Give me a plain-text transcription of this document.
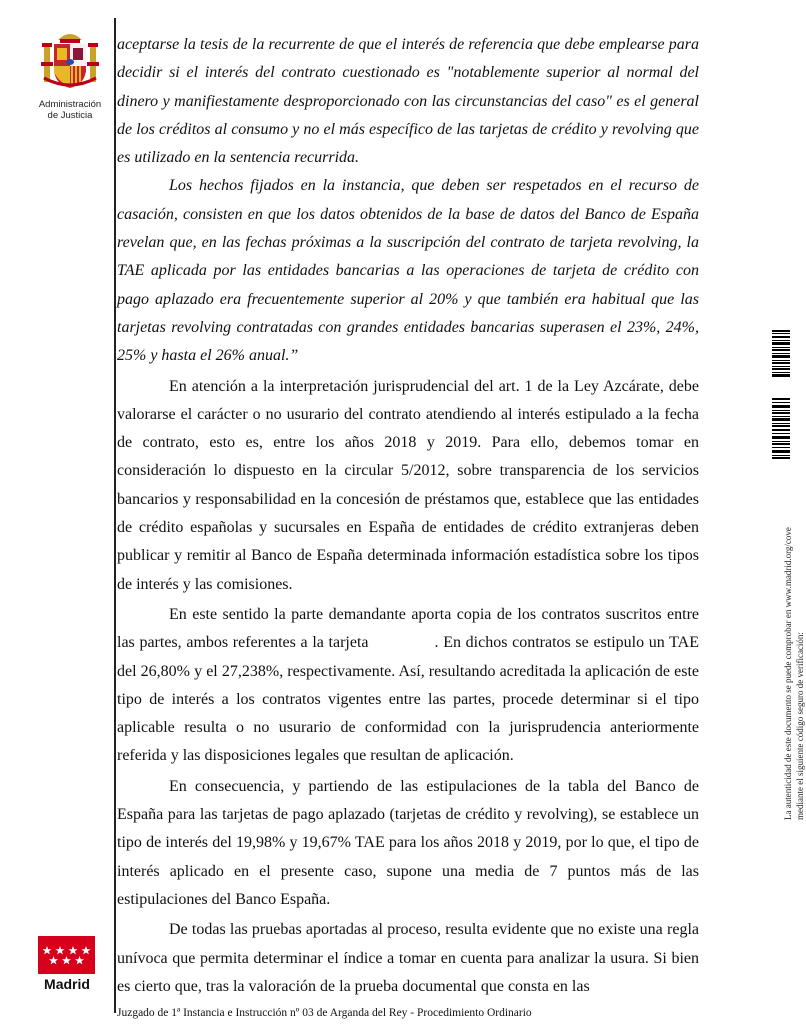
Administración
de Justicia

aceptarse la tesis de la recurrente de que el interés de referencia que debe emplearse para decidir si el interés del contrato cuestionado es "notablemente superior al normal del dinero y manifiestamente desproporcionado con las circunstancias del caso" es el general de los créditos al consumo y no el más específico de las tarjetas de crédito y revolving que es utilizado en la sentencia recurrida.

Los hechos fijados en la instancia, que deben ser respetados en el recurso de casación, consisten en que los datos obtenidos de la base de datos del Banco de España revelan que, en las fechas próximas a la suscripción del contrato de tarjeta revolving, la TAE aplicada por las entidades bancarias a las operaciones de tarjeta de crédito con pago aplazado era frecuentemente superior al 20% y que también era habitual que las tarjetas revolving contratadas con grandes entidades bancarias superasen el 23%, 24%, 25% y hasta el 26% anual.”

En atención a la interpretación jurisprudencial del art. 1 de la Ley Azcárate, debe valorarse el carácter o no usurario del contrato atendiendo al interés estipulado a la fecha de contrato, esto es, entre los años 2018 y 2019. Para ello, debemos tomar en consideración lo dispuesto en la circular 5/2012, sobre transparencia de los servicios bancarios y responsabilidad en la concesión de préstamos que, establece que las entidades de crédito españolas y sucursales en España de entidades de crédito extranjeras deben publicar y remitir al Banco de España determinada información estadística sobre los tipos de interés y las comisiones.

En este sentido la parte demandante aporta copia de los contratos suscritos entre las partes, ambos referentes a la tarjeta	. En dichos contratos se estipulo un TAE del 26,80% y el 27,238%, respectivamente. Así, resultando acreditada la aplicación de este tipo de interés a los contratos vigentes entre las partes, procede determinar si el tipo aplicable resulta o no usurario de conformidad con la jurisprudencia anteriormente referida y las disposiciones legales que resultan de aplicación.

En consecuencia, y partiendo de las estipulaciones de la tabla del Banco de España para las tarjetas de pago aplazado (tarjetas de crédito y revolving), se establece un tipo de interés del 19,98% y 19,67% TAE para los años 2018 y 2019, por lo que, el tipo de interés aplicado en el presente caso, supone una media de 7 puntos más de las estipulaciones del Banco España.

De todas las pruebas aportadas al proceso, resulta evidente que no existe una regla unívoca que permita determinar el índice a tomar en cuenta para analizar la usura. Si bien es cierto que, tras la valoración de la prueba documental que consta en las

Madrid
Juzgado de 1ª Instancia e Instrucción nº 03 de Arganda del Rey - Procedimiento Ordinario
La autenticidad de este documento se puede comprobar en www.madrid.org/cove mediante el siguiente código seguro de verificación:
